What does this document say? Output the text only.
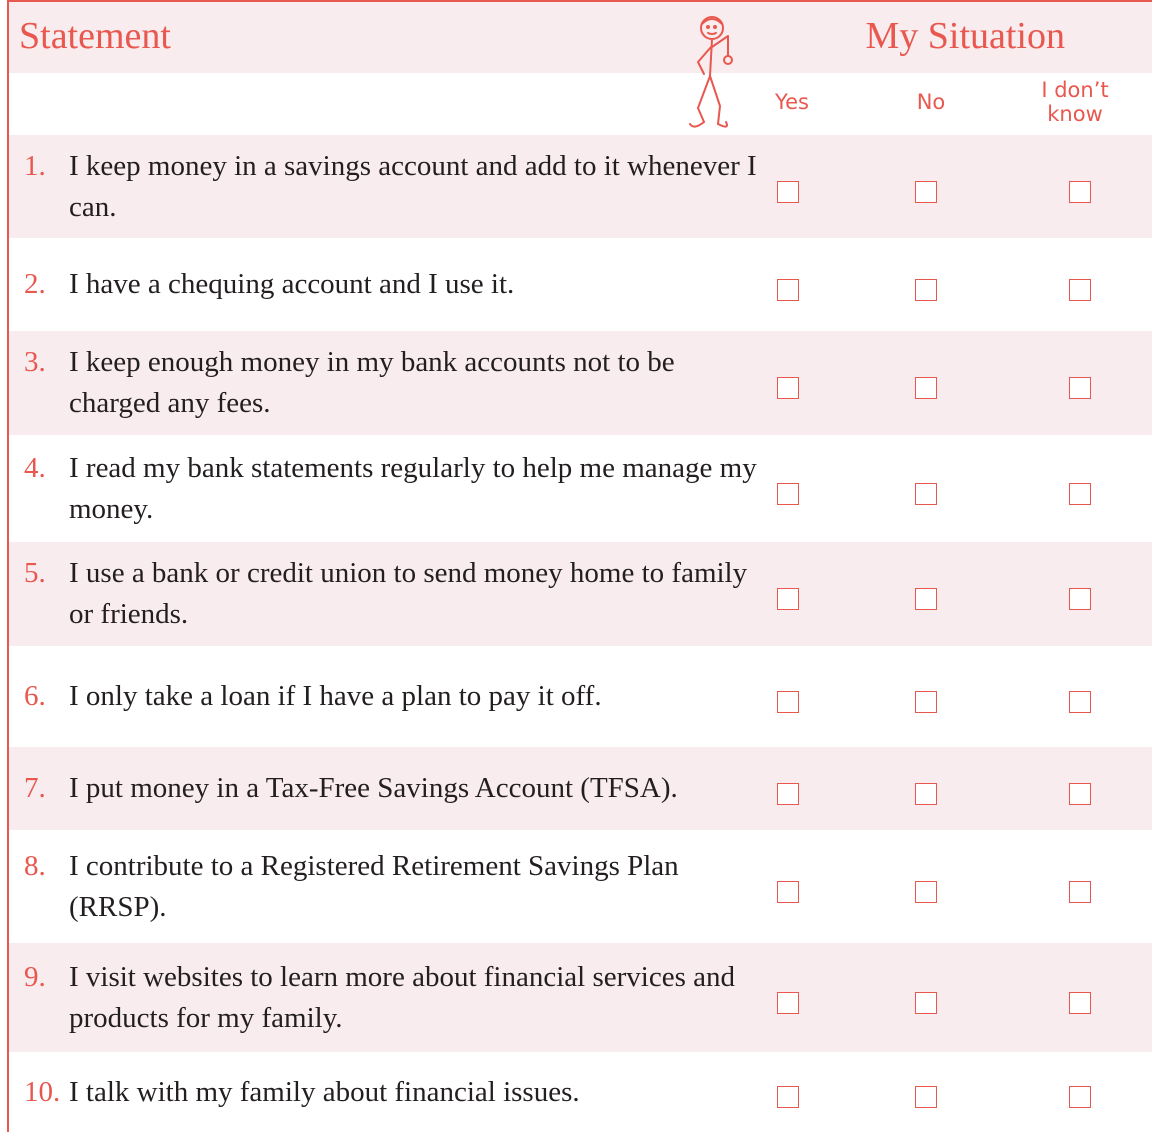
Statement	My Situation
Yes	No	I don’t know
1. I keep money in a savings account and add to it whenever I can.
2. I have a chequing account and I use it.
3. I keep enough money in my bank accounts not to be charged any fees.
4. I read my bank statements regularly to help me manage my money.
5. I use a bank or credit union to send money home to family or friends.
6. I only take a loan if I have a plan to pay it off.
7. I put money in a Tax-Free Savings Account (TFSA).
8. I contribute to a Registered Retirement Savings Plan (RRSP).
9. I visit websites to learn more about financial services and products for my family.
10. I talk with my family about financial issues.
